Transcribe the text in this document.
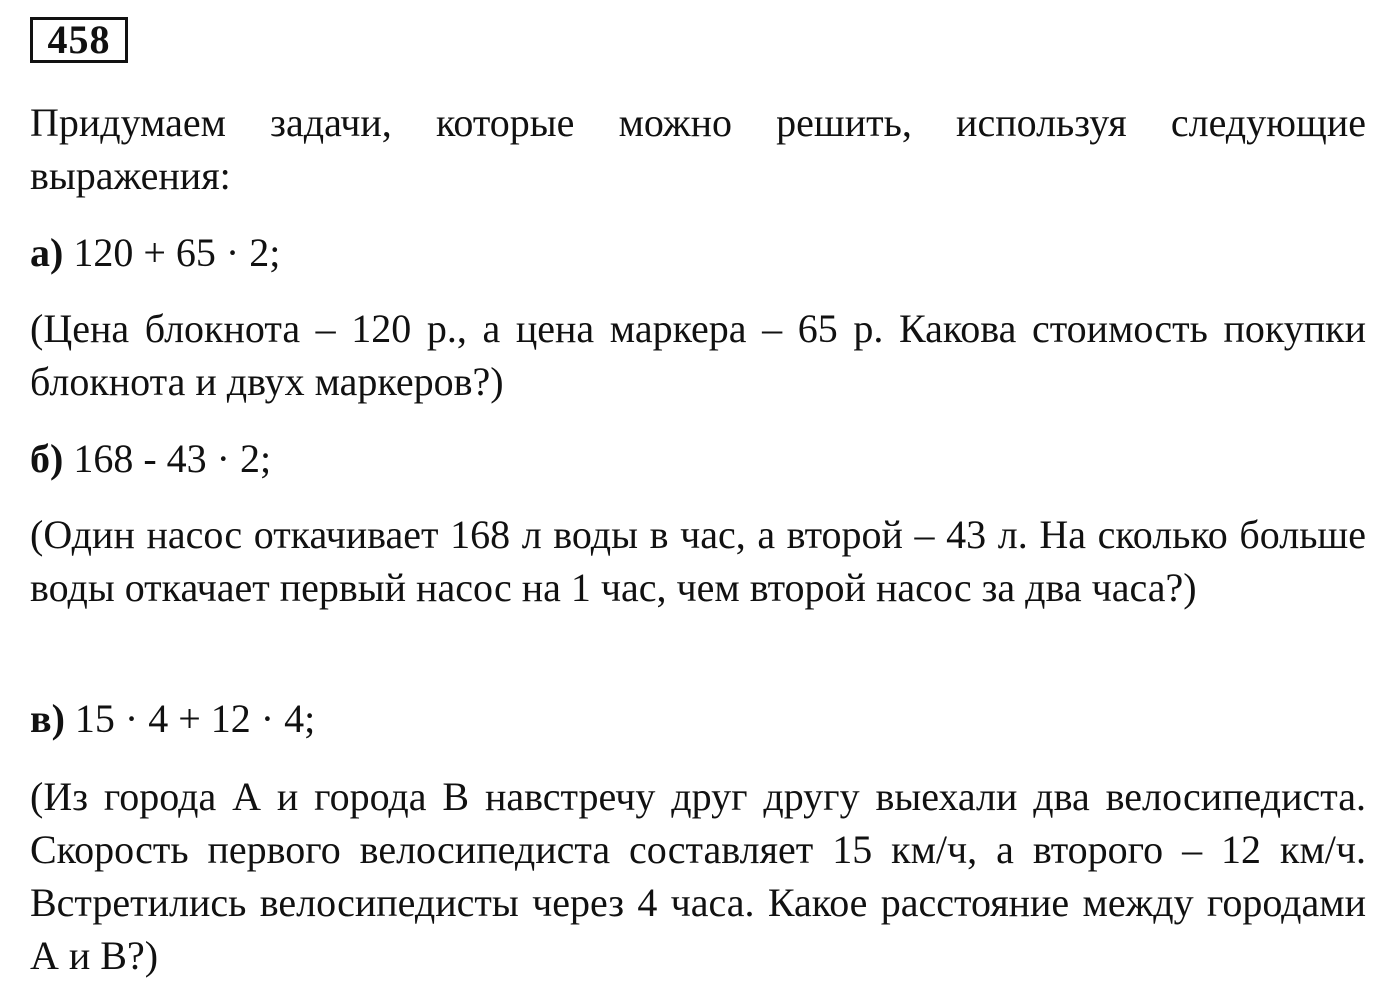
458

Придумаем задачи, которые можно решить, используя следующие выражения:

а) 120 + 65 · 2;

(Цена блокнота – 120 р., а цена маркера – 65 р. Какова стоимость покупки блокнота и двух маркеров?)

б) 168 - 43 · 2;

(Один насос откачивает 168 л воды в час, а второй – 43 л. На сколько больше воды откачает первый насос на 1 час, чем второй насос за два часа?)

в) 15 · 4 + 12 · 4;

(Из города А и города В навстречу друг другу выехали два велосипедиста. Скорость первого велосипедиста составляет 15 км/ч, а второго – 12 км/ч. Встретились велосипедисты через 4 часа. Какое расстояние между городами А и В?)
